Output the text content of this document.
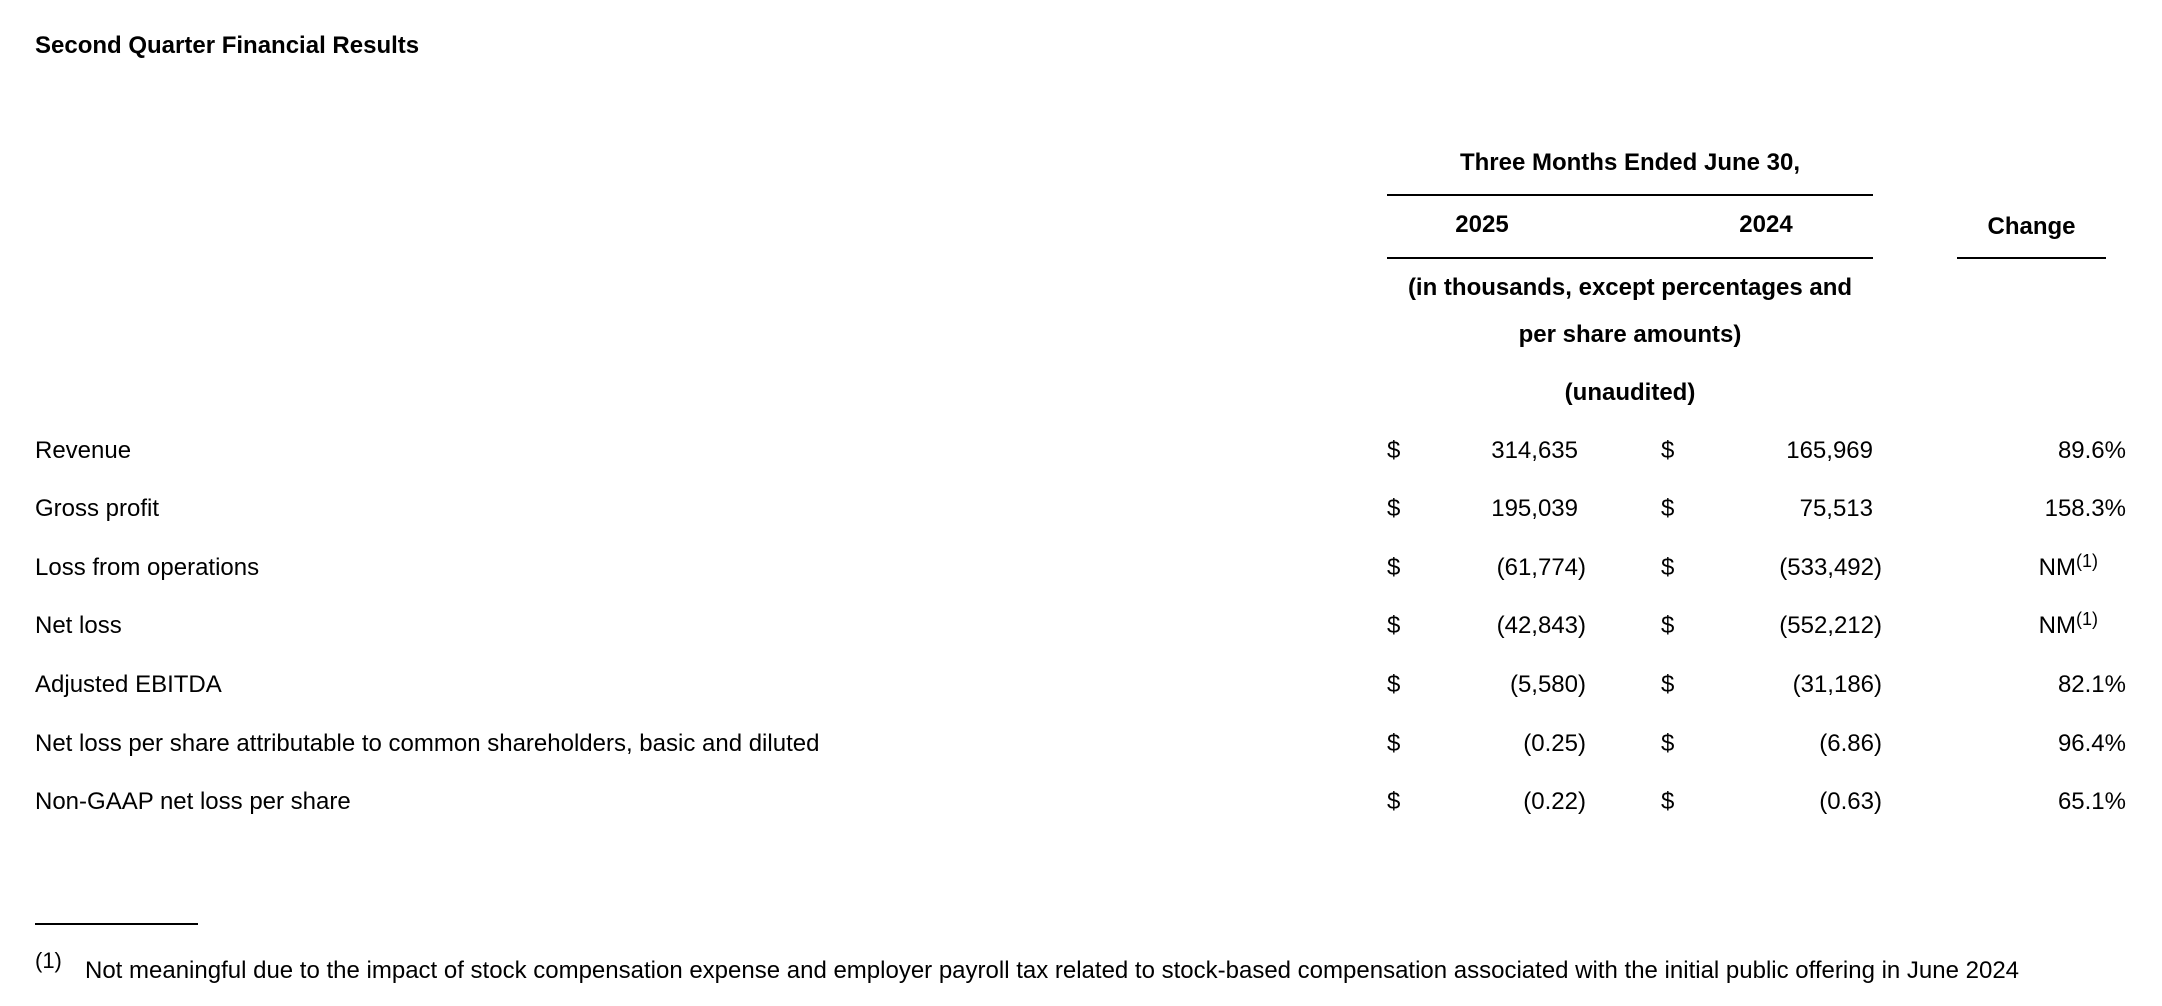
Second Quarter Financial Results
Three Months Ended June 30,
2025	2024	Change
(in thousands, except percentages and
per share amounts)
(unaudited)
Revenue	$	314,635	$	165,969	89.6%
Gross profit	$	195,039	$	75,513	158.3%
Loss from operations	$	(61,774)	$	(533,492)	NM$^{(1)}$
Net loss	$	(42,843)	$	(552,212)	NM$^{(1)}$
Adjusted EBITDA	$	(5,580)	$	(31,186)	82.1%
Net loss per share attributable to common shareholders, basic and diluted	$	(0.25)	$	(6.86)	96.4%
Non-GAAP net loss per share	$	(0.22)	$	(0.63)	65.1%
(1) Not meaningful due to the impact of stock compensation expense and employer payroll tax related to stock-based compensation associated with the initial public offering in June 2024
